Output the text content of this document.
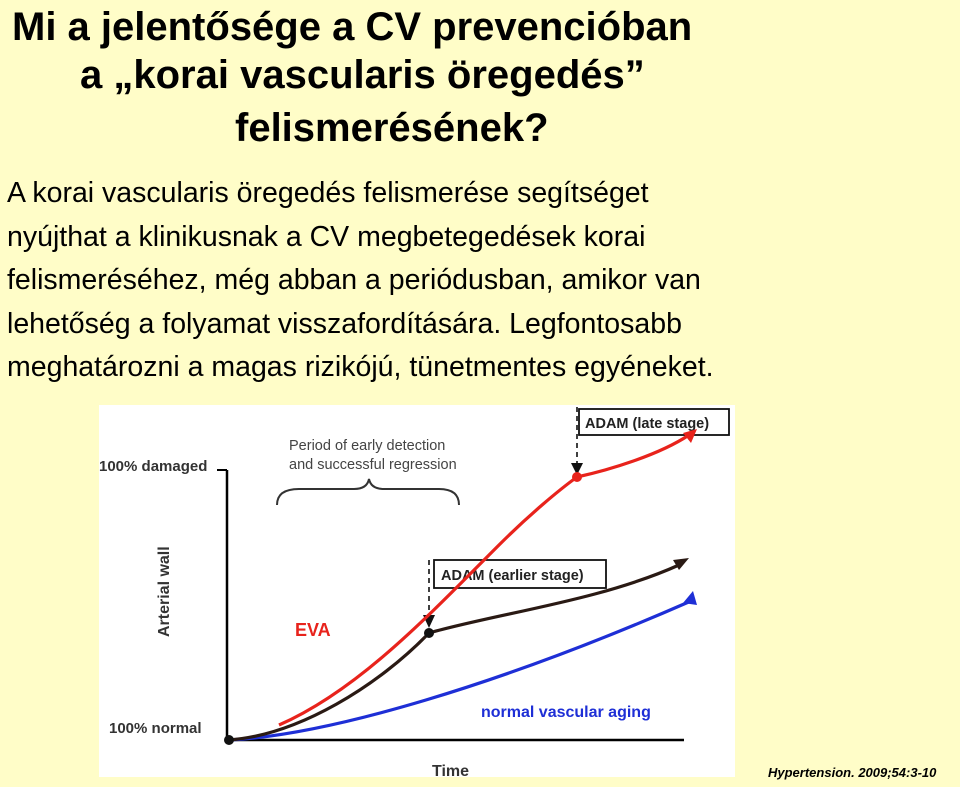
Mi a jelentősége a CV prevencióban
a „korai vascularis öregedés”
felismerésének?
A korai vascularis öregedés felismerése segítséget
nyújthat a klinikusnak a CV megbetegedések korai
felismeréséhez, még abban a periódusban, amikor van
lehetőség a folyamat visszafordítására. Legfontosabb
meghatározni a magas rizikójú, tünetmentes egyéneket.
100% damaged
100% normal
Arterial wall
Time
Period of early detection
and successful regression
ADAM (late stage)
ADAM (earlier stage)
EVA
normal vascular aging
Hypertension. 2009;54:3-10
